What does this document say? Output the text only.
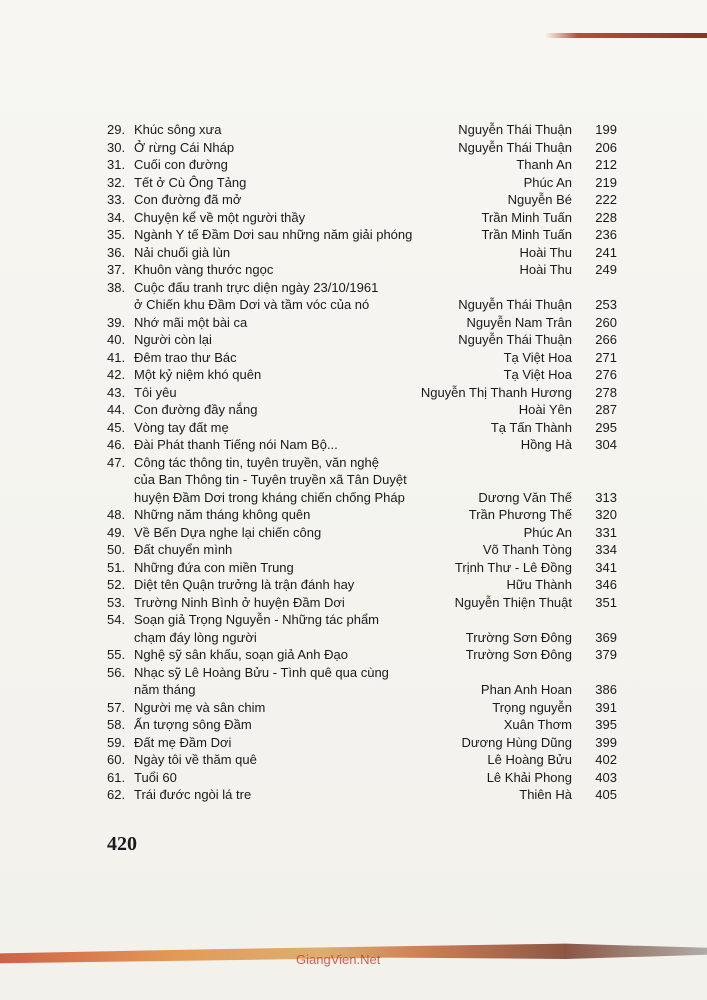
29. Khúc sông xưa	Nguyễn Thái Thuận	199
30. Ở rừng Cái Nháp	Nguyễn Thái Thuận	206
31. Cuối con đường	Thanh An	212
32. Tết ở Cù Ông Tảng	Phúc An	219
33. Con đường đã mở	Nguyễn Bé	222
34. Chuyện kể về một người thầy	Trần Minh Tuấn	228
35. Ngành Y tế Đầm Dơi sau những năm giải phóng	Trần Minh Tuấn	236
36. Nải chuối già lùn	Hoài Thu	241
37. Khuôn vàng thước ngọc	Hoài Thu	249
38. Cuộc đấu tranh trực diện ngày 23/10/1961
ở Chiến khu Đầm Dơi và tầm vóc của nó	Nguyễn Thái Thuận	253
39. Nhớ mãi một bài ca	Nguyễn Nam Trân	260
40. Người còn lại	Nguyễn Thái Thuận	266
41. Đêm trao thư Bác	Tạ Việt Hoa	271
42. Một kỷ niệm khó quên	Tạ Việt Hoa	276
43. Tôi yêu	Nguyễn Thị Thanh Hương	278
44. Con đường đầy nắng	Hoài Yên	287
45. Vòng tay đất mẹ	Tạ Tấn Thành	295
46. Đài Phát thanh Tiếng nói Nam Bộ...	Hồng Hà	304
47. Công tác thông tin, tuyên truyền, văn nghệ
của Ban Thông tin - Tuyên truyền xã Tân Duyệt
huyện Đầm Dơi trong kháng chiến chống Pháp	Dương Văn Thế	313
48. Những năm tháng không quên	Trần Phương Thế	320
49. Về Bến Dựa nghe lại chiến công	Phúc An	331
50. Đất chuyển mình	Võ Thanh Tòng	334
51. Những đứa con miền Trung	Trịnh Thư - Lê Đồng	341
52. Diệt tên Quận trưởng là trận đánh hay	Hữu Thành	346
53. Trường Ninh Bình ở huyện Đầm Dơi	Nguyễn Thiện Thuật	351
54. Soạn giả Trọng Nguyễn - Những tác phẩm
chạm đáy lòng người	Trường Sơn Đông	369
55. Nghệ sỹ sân khấu, soạn giả Anh Đạo	Trường Sơn Đông	379
56. Nhạc sỹ Lê Hoàng Bửu - Tình quê qua cùng
năm tháng	Phan Anh Hoan	386
57. Người mẹ và sân chim	Trọng nguyễn	391
58. Ấn tượng sông Đầm	Xuân Thơm	395
59. Đất mẹ Đầm Dơi	Dương Hùng Dũng	399
60. Ngày tôi về thăm quê	Lê Hoàng Bửu	402
61. Tuổi 60	Lê Khải Phong	403
62. Trái đước ngòi lá tre	Thiên Hà	405
420
GiangVien.Net
